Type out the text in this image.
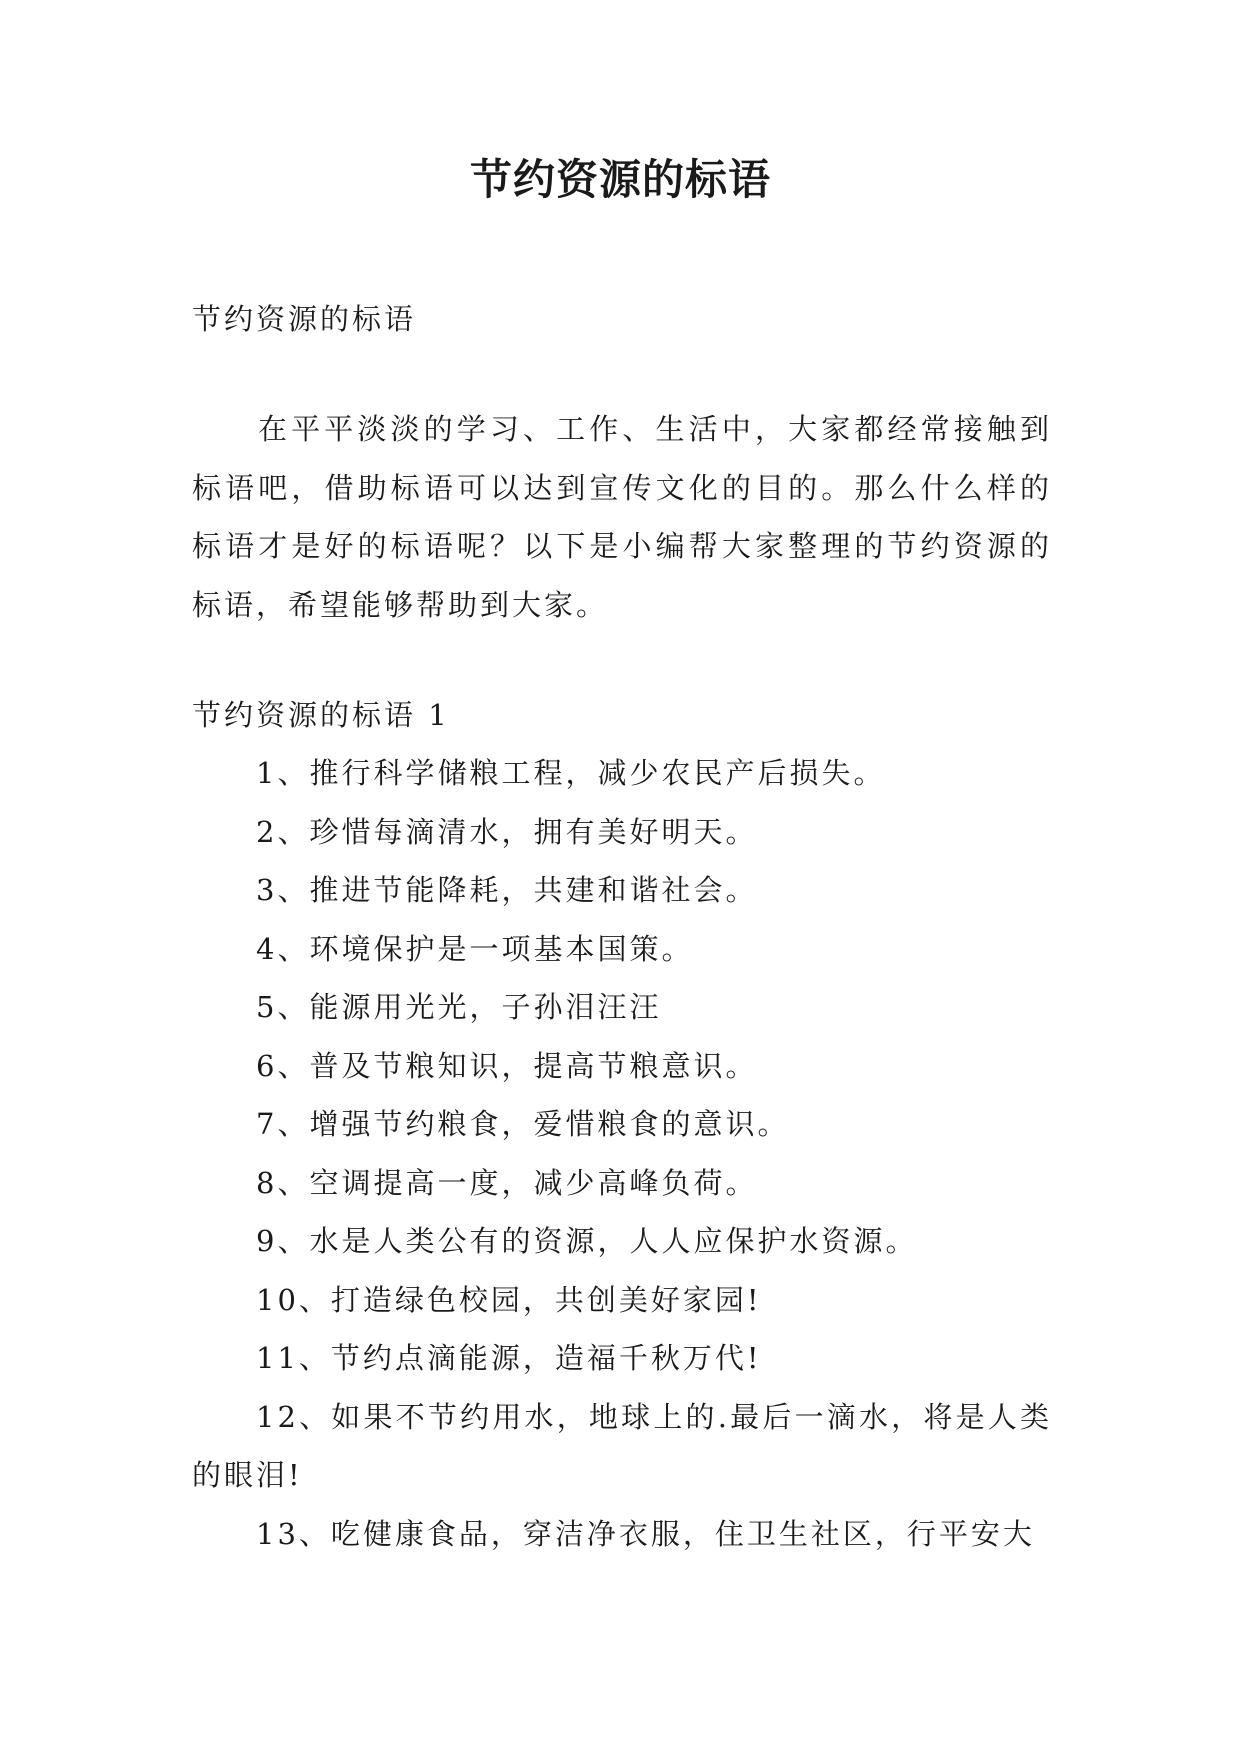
节约资源的标语

节约资源的标语

在平平淡淡的学习、工作、生活中，大家都经常接触到标语吧，借助标语可以达到宣传文化的目的。那么什么样的标语才是好的标语呢？以下是小编帮大家整理的节约资源的标语，希望能够帮助到大家。

节约资源的标语 1

1、推行科学储粮工程，减少农民产后损失。
2、珍惜每滴清水，拥有美好明天。
3、推进节能降耗，共建和谐社会。
4、环境保护是一项基本国策。
5、能源用光光，子孙泪汪汪
6、普及节粮知识，提高节粮意识。
7、增强节约粮食，爱惜粮食的意识。
8、空调提高一度，减少高峰负荷。
9、水是人类公有的资源，人人应保护水资源。
10、打造绿色校园，共创美好家园!
11、节约点滴能源，造福千秋万代!
12、如果不节约用水，地球上的.最后一滴水，将是人类的眼泪!
13、吃健康食品，穿洁净衣服，住卫生社区，行平安大
